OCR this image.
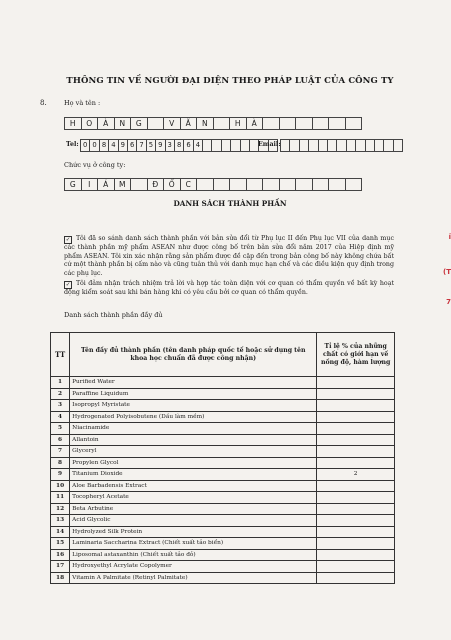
THÔNG TIN VỀ NGƯỜI ĐẠI DIỆN THEO PHÁP LUẬT CỦA CÔNG TY
8.	Họ và tên :
H	O	À	N	G	V	Ă	N	H	À
Tel: 0 0 8 4 9 6 7 5 9 3 8 6 4	Email:
Chức vụ ở công ty:
G	I	Á	M	Đ	Ố	C
DANH SÁCH THÀNH PHẦN
✓ Tôi đã so sánh danh sách thành phần với bản sửa đổi từ Phụ lục II đến Phụ lục VII của danh mục các thành phần mỹ phẩm ASEAN như được công bố trên bản sửa đổi năm 2017 của Hiệp định mỹ phẩm ASEAN. Tôi xin xác nhận rằng sản phẩm được đề cập đến trong bản công bố này không chứa bất cứ một thành phần bị cấm nào và cũng tuân thủ với danh mục hạn chế và các điều kiện quy định trong các phụ lục.
✓ Tôi đảm nhận trách nhiệm trả lời và hợp tác toàn diện với cơ quan có thẩm quyền về bất kỳ hoạt động kiểm soát sau khi bán hàng khi có yêu cầu bởi cơ quan có thẩm quyền.
Danh sách thành phần đầy đủ
TT	Tên đầy đủ thành phần (tên danh pháp quốc tế hoặc sử dụng tên khoa học chuẩn đã được công nhận)	Tỉ lệ % của những chất có giới hạn về nồng độ, hàm lượng
1	Purified Water	
2	Paraffine Liquidum	
3	Isopropyl Myristate	
4	Hydrogenated Polyisobutene (Dầu làm mềm)	
5	Niacinamide	
6	Allantoin	
7	Glyceryl	
8	Propylen Glycol	
9	Titanium Dioxide	2
10	Aloe Barbadensis Extract	
11	Tocopheryl Acetate	
12	Beta Arbutine	
13	Acid Glycolic	
14	Hydrolyzed Silk Protein	
15	Laminaria Saccharina Extract (Chiết xuất tảo biển)	
16	Liposomal astaxanthin (Chiết xuất tảo đỏ)	
17	Hydroxyethyl Acrylate Copolymer	
18	Vitamin A Palmitate (Retinyl Palmitate)	
ỉ
(T
7
